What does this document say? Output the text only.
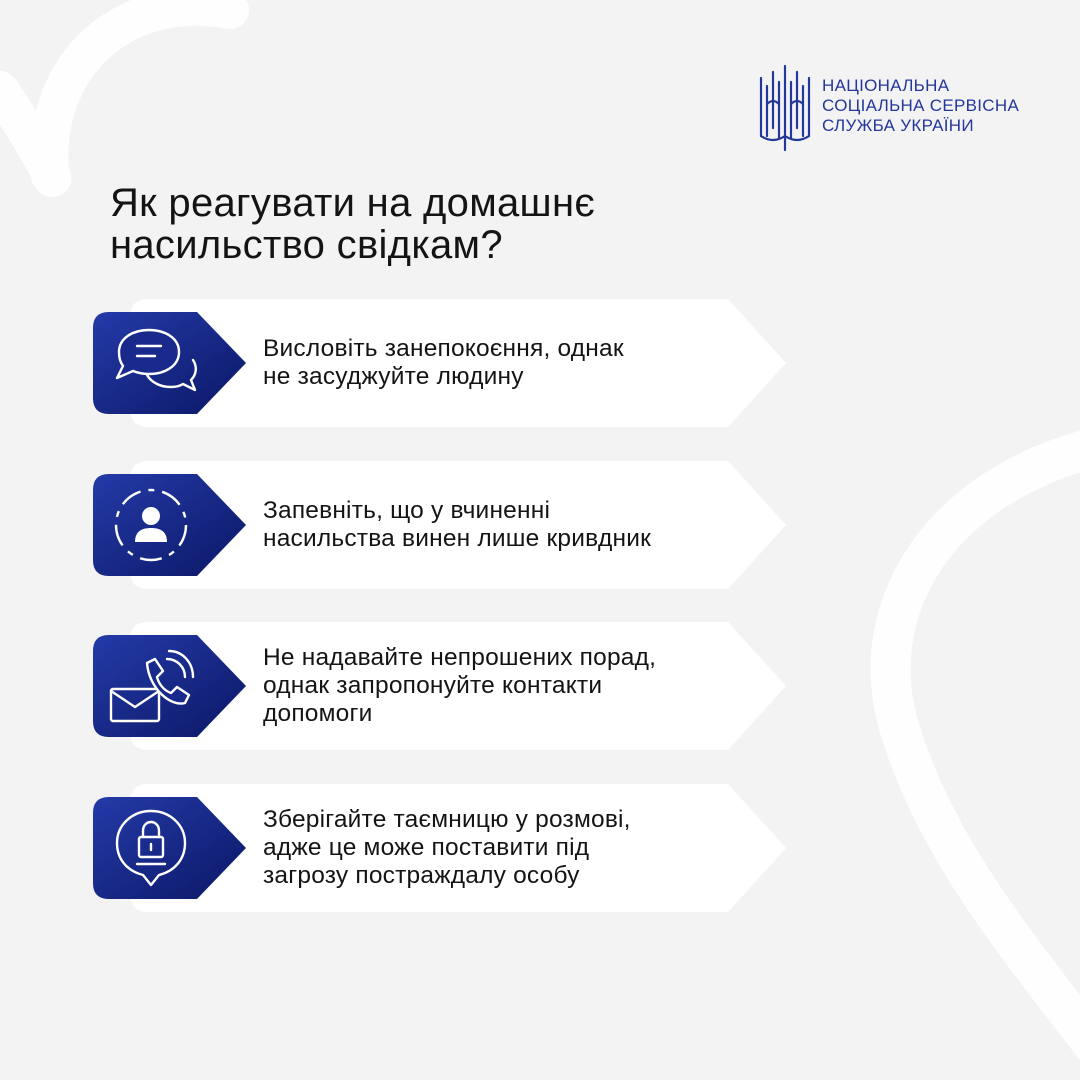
НАЦІОНАЛЬНА
СОЦІАЛЬНА СЕРВІСНА
СЛУЖБА УКРАЇНИ
Як реагувати на домашнє
насильство свідкам?
Висловіть занепокоєння, однак
не засуджуйте людину
Запевніть, що у вчиненні
насильства винен лише кривдник
Не надавайте непрошених порад,
однак запропонуйте контакти
допомоги
Зберігайте таємницю у розмові,
адже це може поставити під
загрозу постраждалу особу
